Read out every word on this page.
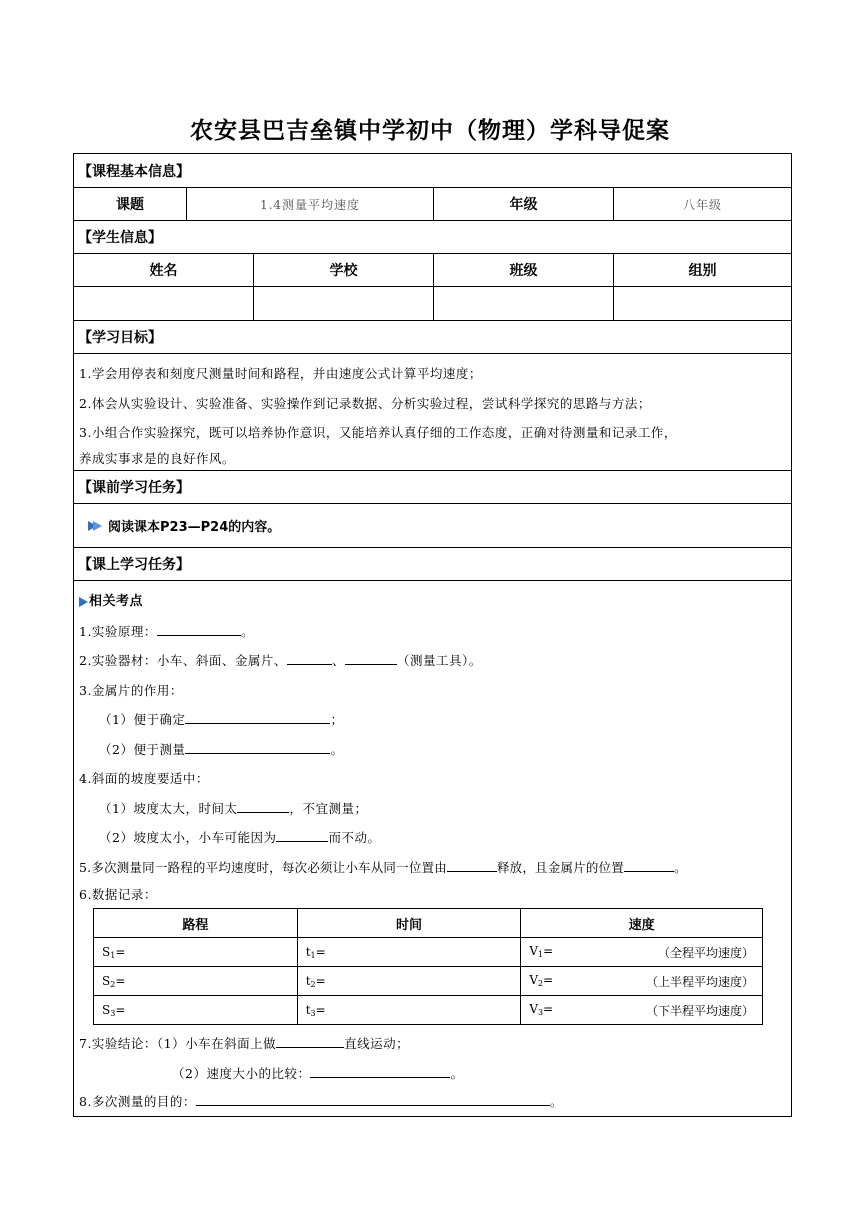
农安县巴吉垒镇中学初中（物理）学科导促案
【课程基本信息】
课题	1.4测量平均速度	年级	八年级
【学生信息】
姓名	学校	班级	组别
【学习目标】
1.学会用停表和刻度尺测量时间和路程，并由速度公式计算平均速度；
2.体会从实验设计、实验准备、实验操作到记录数据、分析实验过程，尝试科学探究的思路与方法；
3.小组合作实验探究，既可以培养协作意识，又能培养认真仔细的工作态度，正确对待测量和记录工作，
养成实事求是的良好作风。
【课前学习任务】
阅读课本P23—P24的内容。
【课上学习任务】
相关考点
1.实验原理：	。
2.实验器材：小车、斜面、金属片、	、	（测量工具）。
3.金属片的作用：
（1）便于确定	；
（2）便于测量	。
4.斜面的坡度要适中：
（1）坡度太大，时间太	，不宜测量；
（2）坡度太小，小车可能因为	而不动。
5.多次测量同一路程的平均速度时，每次必须让小车从同一位置由	释放，且金属片的位置	。
6.数据记录：
路程	时间	速度
$S_1=$	$t_1=$	$V_1=$ （全程平均速度）

$S_2=$	$t_2=$	$V_2=$ （上半程平均速度）

$S_3=$	$t_3=$	$V_3=$ （下半程平均速度）
7.实验结论：（1）小车在斜面上做	直线运动；
（2）速度大小的比较：	。
8.多次测量的目的：	。
